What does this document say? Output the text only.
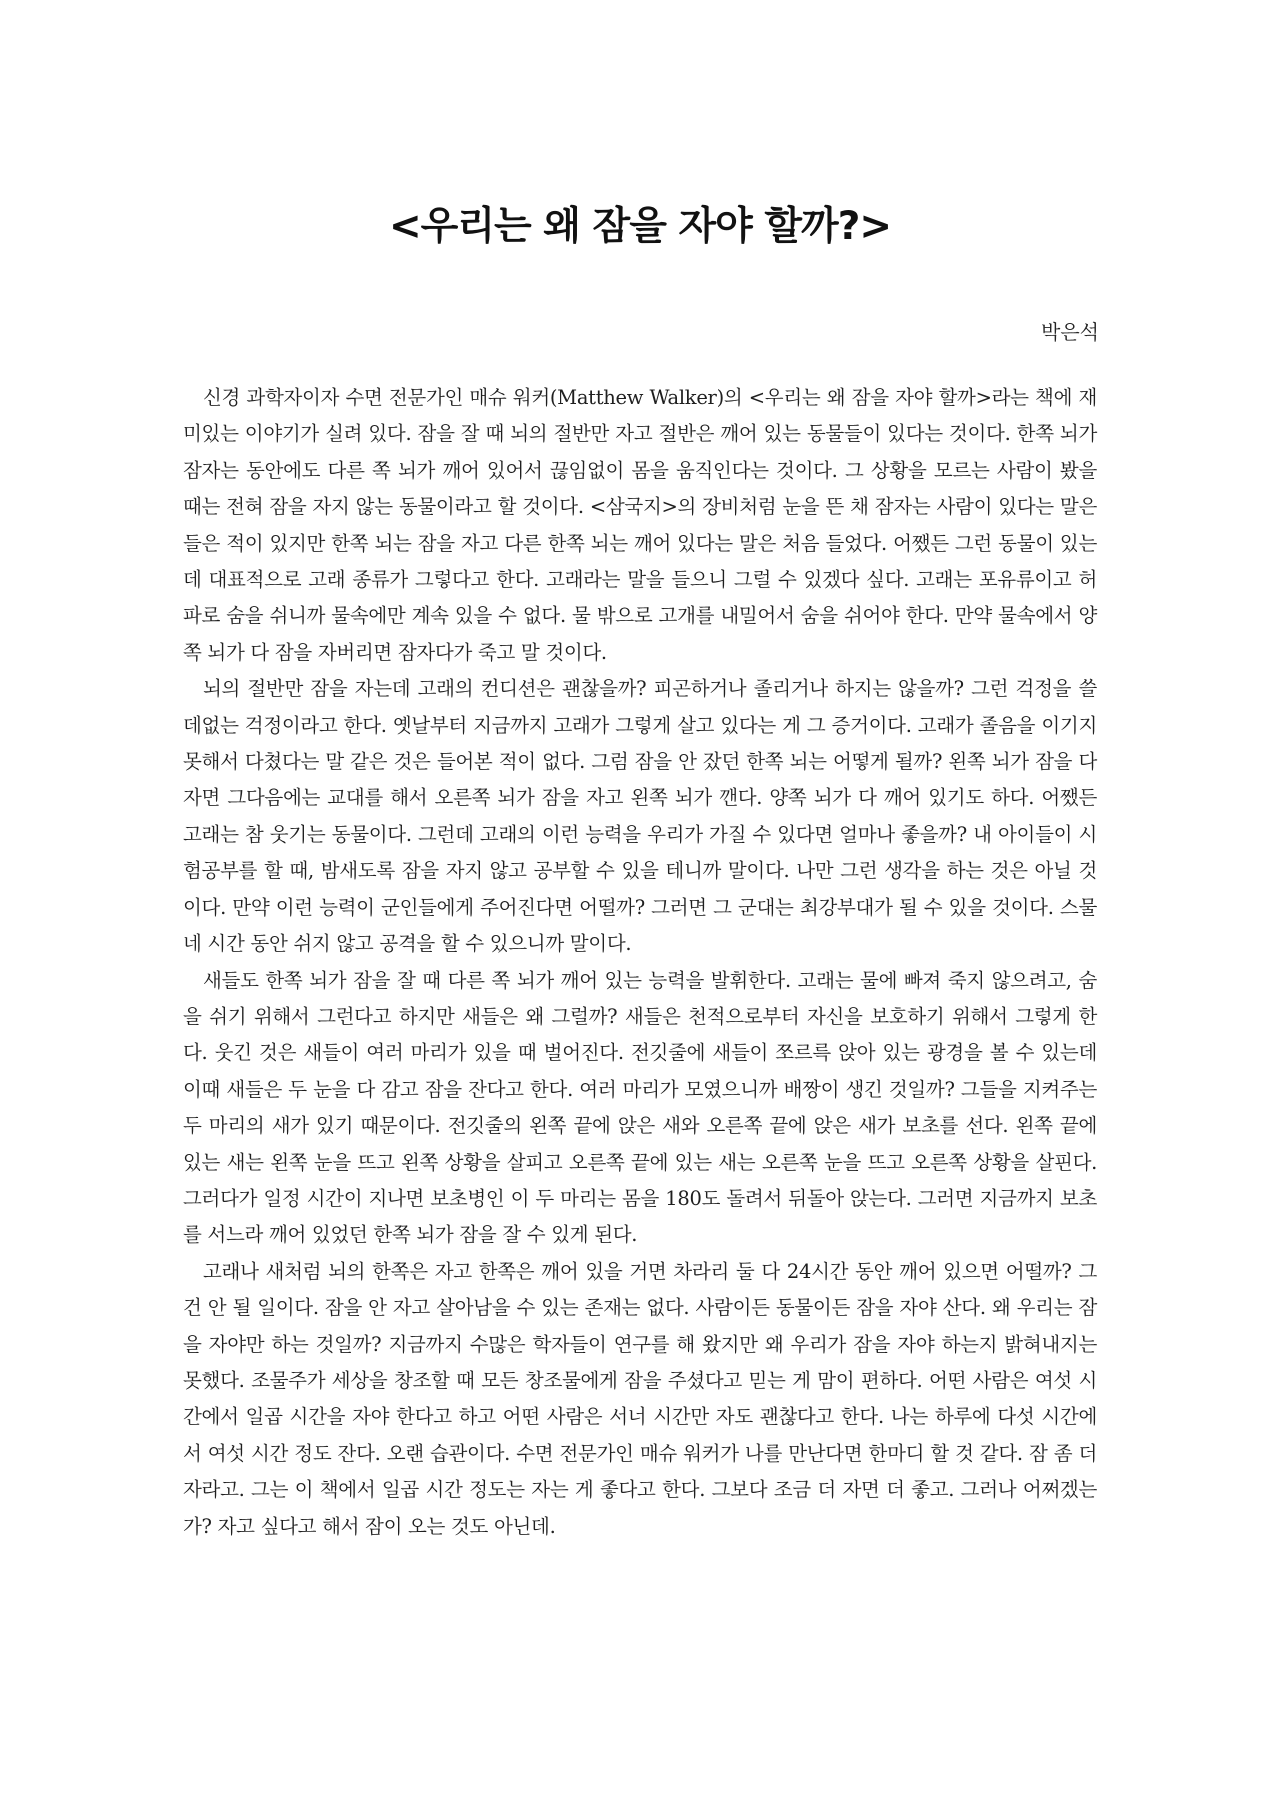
<우리는 왜 잠을 자야 할까?>
박은석

신경 과학자이자 수면 전문가인 매슈 워커(Matthew Walker)의 <우리는 왜 잠을 자야 할까>라는 책에 재미있는 이야기가 실려 있다. 잠을 잘 때 뇌의 절반만 자고 절반은 깨어 있는 동물들이 있다는 것이다. 한쪽 뇌가 잠자는 동안에도 다른 쪽 뇌가 깨어 있어서 끊임없이 몸을 움직인다는 것이다. 그 상황을 모르는 사람이 봤을 때는 전혀 잠을 자지 않는 동물이라고 할 것이다. <삼국지>의 장비처럼 눈을 뜬 채 잠자는 사람이 있다는 말은 들은 적이 있지만 한쪽 뇌는 잠을 자고 다른 한쪽 뇌는 깨어 있다는 말은 처음 들었다. 어쨌든 그런 동물이 있는데 대표적으로 고래 종류가 그렇다고 한다. 고래라는 말을 들으니 그럴 수 있겠다 싶다. 고래는 포유류이고 허파로 숨을 쉬니까 물속에만 계속 있을 수 없다. 물 밖으로 고개를 내밀어서 숨을 쉬어야 한다. 만약 물속에서 양쪽 뇌가 다 잠을 자버리면 잠자다가 죽고 말 것이다.

뇌의 절반만 잠을 자는데 고래의 컨디션은 괜찮을까? 피곤하거나 졸리거나 하지는 않을까? 그런 걱정을 쓸데없는 걱정이라고 한다. 옛날부터 지금까지 고래가 그렇게 살고 있다는 게 그 증거이다. 고래가 졸음을 이기지 못해서 다쳤다는 말 같은 것은 들어본 적이 없다. 그럼 잠을 안 잤던 한쪽 뇌는 어떻게 될까? 왼쪽 뇌가 잠을 다 자면 그다음에는 교대를 해서 오른쪽 뇌가 잠을 자고 왼쪽 뇌가 깬다. 양쪽 뇌가 다 깨어 있기도 하다. 어쨌든 고래는 참 웃기는 동물이다. 그런데 고래의 이런 능력을 우리가 가질 수 있다면 얼마나 좋을까? 내 아이들이 시험공부를 할 때, 밤새도록 잠을 자지 않고 공부할 수 있을 테니까 말이다. 나만 그런 생각을 하는 것은 아닐 것이다. 만약 이런 능력이 군인들에게 주어진다면 어떨까? 그러면 그 군대는 최강부대가 될 수 있을 것이다. 스물네 시간 동안 쉬지 않고 공격을 할 수 있으니까 말이다.

새들도 한쪽 뇌가 잠을 잘 때 다른 쪽 뇌가 깨어 있는 능력을 발휘한다. 고래는 물에 빠져 죽지 않으려고, 숨을 쉬기 위해서 그런다고 하지만 새들은 왜 그럴까? 새들은 천적으로부터 자신을 보호하기 위해서 그렇게 한다. 웃긴 것은 새들이 여러 마리가 있을 때 벌어진다. 전깃줄에 새들이 쪼르륵 앉아 있는 광경을 볼 수 있는데 이때 새들은 두 눈을 다 감고 잠을 잔다고 한다. 여러 마리가 모였으니까 배짱이 생긴 것일까? 그들을 지켜주는 두 마리의 새가 있기 때문이다. 전깃줄의 왼쪽 끝에 앉은 새와 오른쪽 끝에 앉은 새가 보초를 선다. 왼쪽 끝에 있는 새는 왼쪽 눈을 뜨고 왼쪽 상황을 살피고 오른쪽 끝에 있는 새는 오른쪽 눈을 뜨고 오른쪽 상황을 살핀다. 그러다가 일정 시간이 지나면 보초병인 이 두 마리는 몸을 180도 돌려서 뒤돌아 앉는다. 그러면 지금까지 보초를 서느라 깨어 있었던 한쪽 뇌가 잠을 잘 수 있게 된다.

고래나 새처럼 뇌의 한쪽은 자고 한쪽은 깨어 있을 거면 차라리 둘 다 24시간 동안 깨어 있으면 어떨까? 그건 안 될 일이다. 잠을 안 자고 살아남을 수 있는 존재는 없다. 사람이든 동물이든 잠을 자야 산다. 왜 우리는 잠을 자야만 하는 것일까? 지금까지 수많은 학자들이 연구를 해 왔지만 왜 우리가 잠을 자야 하는지 밝혀내지는 못했다. 조물주가 세상을 창조할 때 모든 창조물에게 잠을 주셨다고 믿는 게 맘이 편하다. 어떤 사람은 여섯 시간에서 일곱 시간을 자야 한다고 하고 어떤 사람은 서너 시간만 자도 괜찮다고 한다. 나는 하루에 다섯 시간에서 여섯 시간 정도 잔다. 오랜 습관이다. 수면 전문가인 매슈 워커가 나를 만난다면 한마디 할 것 같다. 잠 좀 더 자라고. 그는 이 책에서 일곱 시간 정도는 자는 게 좋다고 한다. 그보다 조금 더 자면 더 좋고. 그러나 어쩌겠는가? 자고 싶다고 해서 잠이 오는 것도 아닌데.
